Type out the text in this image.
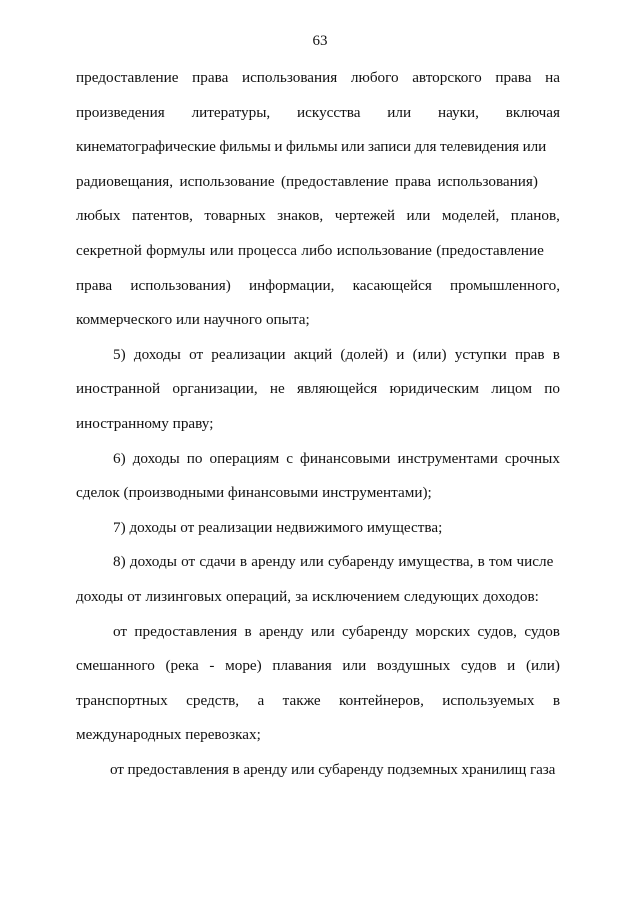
63
предоставление права использования любого авторского права на
произведения литературы, искусства или науки, включая
кинематографические фильмы и фильмы или записи для телевидения или
радиовещания, использование (предоставление права использования)
любых патентов, товарных знаков, чертежей или моделей, планов,
секретной формулы или процесса либо использование (предоставление
права использования) информации, касающейся промышленного,
коммерческого или научного опыта;
5) доходы от реализации акций (долей) и (или) уступки прав в
иностранной организации, не являющейся юридическим лицом по
иностранному праву;
6) доходы по операциям с финансовыми инструментами срочных
сделок (производными финансовыми инструментами);
7) доходы от реализации недвижимого имущества;
8) доходы от сдачи в аренду или субаренду имущества, в том числе
доходы от лизинговых операций, за исключением следующих доходов:
от предоставления в аренду или субаренду морских судов, судов
смешанного (река - море) плавания или воздушных судов и (или)
транспортных средств, а также контейнеров, используемых в
международных перевозках;
от предоставления в аренду или субаренду подземных хранилищ газа
